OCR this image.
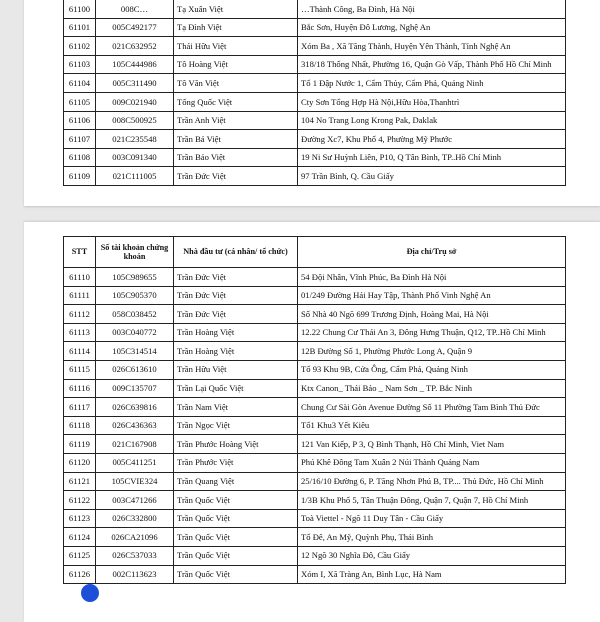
61100	008C…	Tạ Xuân Việt	…Thành Công, Ba Đình, Hà Nội
61101	005C492177	Tạ Đình Việt	Bắc Sơn, Huyện Đô Lương, Nghệ An
61102	021C632952	Thái Hữu Việt	Xóm Ba , Xã Tăng Thành, Huyện Yên Thành, Tỉnh Nghệ An
61103	105C444986	Tô Hoàng Việt	318/18 Thống Nhất, Phường 16, Quận Gò Vấp, Thành Phố Hồ Chí Minh
61104	005C311490	Tô Văn Việt	Tổ 1 Đập Nước 1, Cẩm Thủy, Cẩm Phả, Quảng Ninh
61105	009C021940	Tống Quốc Việt	Cty Sơn Tổng Hợp Hà Nội,Hữu Hòa,Thanhtrì
61106	008C500925	Trần Anh Việt	104 No Trang Long Krong Pak, Daklak
61107	021C235548	Trần Bá Việt	Đường Xc7, Khu Phố 4, Phường Mỹ Phước
61108	003C091340	Trần Bảo Việt	19 Ni Sư Huỳnh Liên, P10, Q Tân Bình, TP..Hồ Chí Minh
61109	021C111005	Trần Đức Việt	97 Trần Bình, Q. Cầu Giấy
STT	Số tài khoản chứng khoán	Nhà đầu tư (cá nhân/ tổ chức)	Địa chỉ/Trụ sở
61110	105C989655	Trần Đức Việt	54 Đội Nhân, Vĩnh Phúc, Ba Đình Hà Nội
61111	105C905370	Trần Đức Việt	01/249 Đường Hải Hay Tập, Thành Phố Vinh Nghệ An
61112	058C038452	Trần Đức Việt	Số Nhà 40 Ngõ 699 Trương Định, Hoàng Mai, Hà Nội
61113	003C040772	Trần Hoàng Việt	12.22 Chung Cư Thái An 3, Đông Hưng Thuận, Q12, TP..Hồ Chí Minh
61114	105C314514	Trần Hoàng Việt	12B Đường Số 1, Phường Phước Long A, Quận 9
61115	026C613610	Trần Hữu Việt	Tổ 93 Khu 9B, Cửa Ông, Cẩm Phả, Quảng Ninh
61116	009C135707	Trần Lại Quốc Việt	Ktx Canon_ Thái Bảo _ Nam Sơn _ TP. Bắc Ninh
61117	026C639816	Trần Nam Việt	Chung Cư Sài Gòn Avenue Đường Số 11 Phường Tam Bình Thủ Đức
61118	026C436363	Trần Ngọc Việt	Tổ1 Khu3 Yết Kiêu
61119	021C167908	Trần Phước Hoàng Việt	121 Van Kiếp, P 3, Q Bình Thạnh, Hồ Chí Minh, Viet Nam
61120	005C411251	Trần Phước Việt	Phú Khê Đông Tam Xuân 2 Núi Thành Quảng Nam
61121	105CVIE324	Trần Quang Việt	25/16/10 Đường 6, P. Tăng Nhơn Phú B, TP.... Thủ Đức, Hồ Chí Minh
61122	003C471266	Trần Quốc Việt	1/3B Khu Phố 5, Tân Thuận Đông, Quận 7, Quận 7, Hồ Chí Minh
61123	026C332800	Trần Quốc Việt	Toà Viettel - Ngõ 11 Duy Tân - Cầu Giấy
61124	026CA21096	Trần Quốc Việt	Tổ Đê, An Mỹ, Quỳnh Phụ, Thái Bình
61125	026C537033	Trần Quốc Việt	12 Ngõ 30 Nghĩa Đô, Cầu Giấy
61126	002C113623	Trần Quốc Việt	Xóm I, Xã Tràng An, Bình Lục, Hà Nam
